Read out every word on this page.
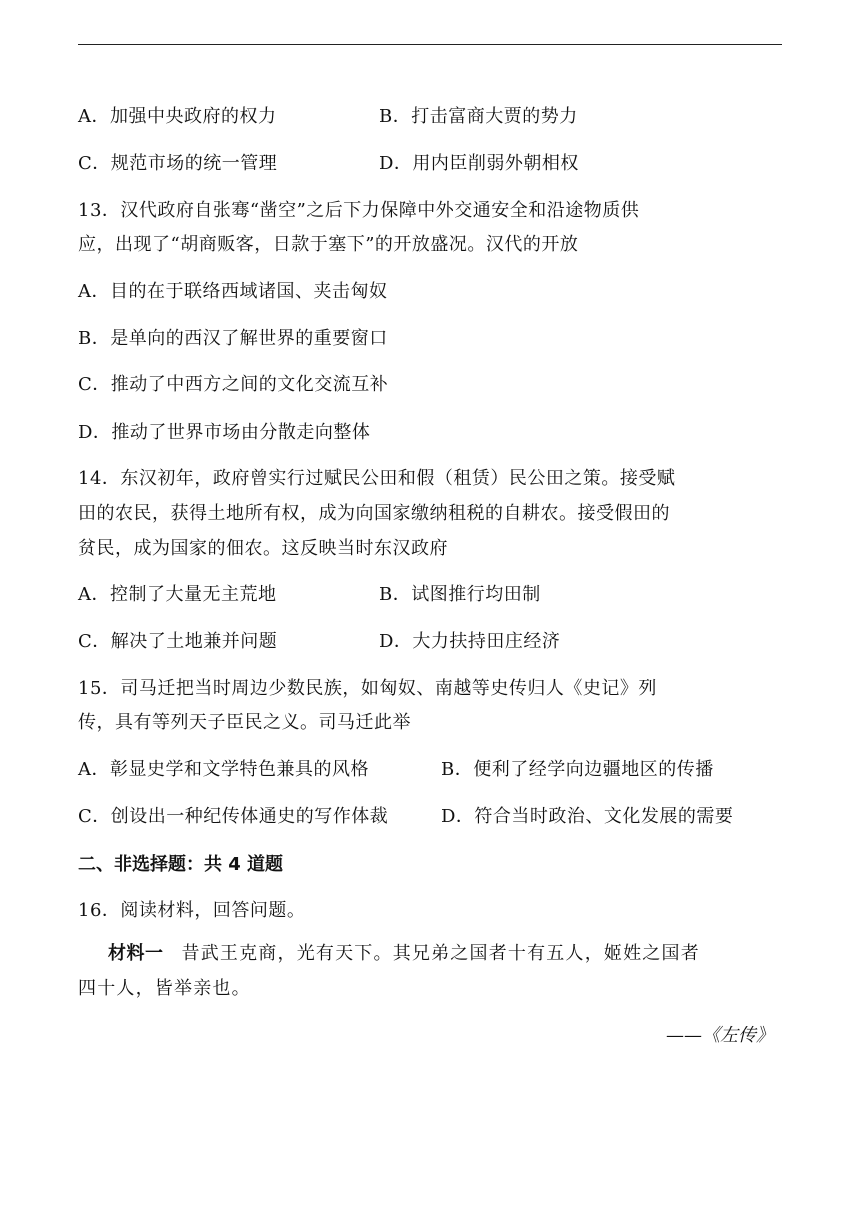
A．加强中央政府的权力	B．打击富商大贾的势力
C．规范市场的统一管理	D．用内臣削弱外朝相权
13．汉代政府自张骞“凿空”之后下力保障中外交通安全和沿途物质供
应，出现了“胡商贩客，日款于塞下”的开放盛况。汉代的开放
A．目的在于联络西域诸国、夹击匈奴
B．是单向的西汉了解世界的重要窗口
C．推动了中西方之间的文化交流互补
D．推动了世界市场由分散走向整体
14．东汉初年，政府曾实行过赋民公田和假（租赁）民公田之策。接受赋
田的农民，获得土地所有权，成为向国家缴纳租税的自耕农。接受假田的
贫民，成为国家的佃农。这反映当时东汉政府
A．控制了大量无主荒地	B．试图推行均田制
C．解决了土地兼并问题	D．大力扶持田庄经济
15．司马迁把当时周边少数民族，如匈奴、南越等史传归人《史记》列
传，具有等列天子臣民之义。司马迁此举
A．彰显史学和文学特色兼具的风格	B．便利了经学向边疆地区的传播
C．创设出一种纪传体通史的写作体裁	D．符合当时政治、文化发展的需要
二、非选择题：共 4 道题
16．阅读材料，回答问题。
材料一 昔武王克商，光有天下。其兄弟之国者十有五人，姬姓之国者
四十人，皆举亲也。
——《左传》
